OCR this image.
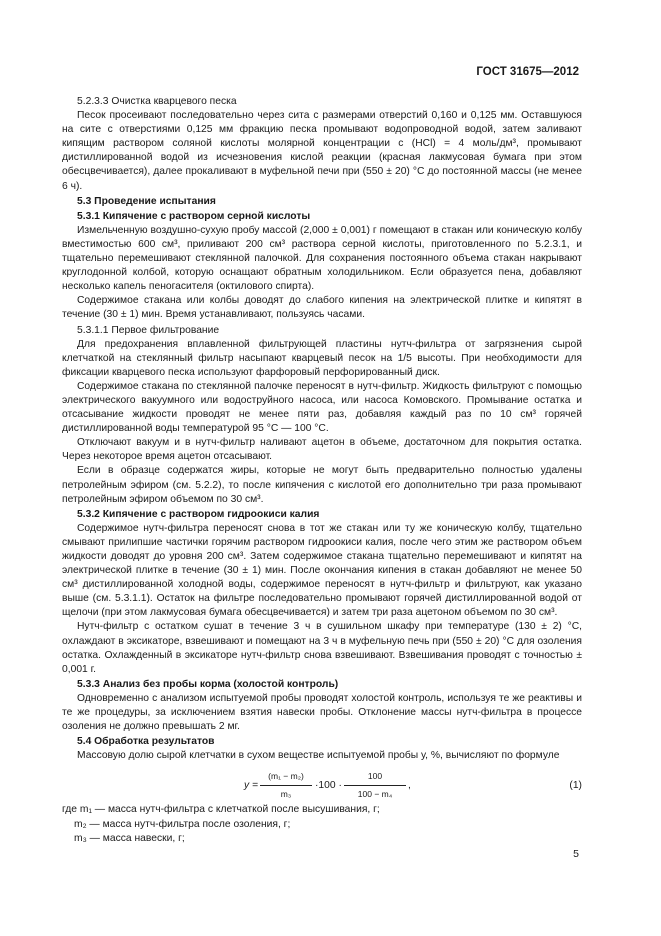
ГОСТ 31675—2012

5.2.3.3 Очистка кварцевого песка

Песок просеивают последовательно через сита с размерами отверстий 0,160 и 0,125 мм. Оставшуюся на сите с отверстиями 0,125 мм фракцию песка промывают водопроводной водой, затем заливают кипящим раствором соляной кислоты молярной концентрации с (HCl) = 4 моль/дм³, промывают дистиллированной водой из исчезновения кислой реакции (красная лакмусовая бумага при этом обесцвечивается), далее прокаливают в муфельной печи при (550 ± 20) °С до постоянной массы (не менее 6 ч).

5.3 Проведение испытания

5.3.1 Кипячение с раствором серной кислоты

Измельченную воздушно-сухую пробу массой (2,000 ± 0,001) г помещают в стакан или коническую колбу вместимостью 600 см³, приливают 200 см³ раствора серной кислоты, приготовленного по 5.2.3.1, и тщательно перемешивают стеклянной палочкой. Для сохранения постоянного объема стакан накрывают круглодонной колбой, которую оснащают обратным холодильником. Если образуется пена, добавляют несколько капель пеногасителя (октилового спирта).

Содержимое стакана или колбы доводят до слабого кипения на электрической плитке и кипятят в течение (30 ± 1) мин. Время устанавливают, пользуясь часами.

5.3.1.1 Первое фильтрование

Для предохранения вплавленной фильтрующей пластины нутч-фильтра от загрязнения сырой клетчаткой на стеклянный фильтр насыпают кварцевый песок на 1/5 высоты. При необходимости для фиксации кварцевого песка используют фарфоровый перфорированный диск.

Содержимое стакана по стеклянной палочке переносят в нутч-фильтр. Жидкость фильтруют с помощью электрического вакуумного или водоструйного насоса, или насоса Комовского. Промывание остатка и отсасывание жидкости проводят не менее пяти раз, добавляя каждый раз по 10 см³ горячей дистиллированной воды температурой 95 °С — 100 °С.

Отключают вакуум и в нутч-фильтр наливают ацетон в объеме, достаточном для покрытия остатка. Через некоторое время ацетон отсасывают.

Если в образце содержатся жиры, которые не могут быть предварительно полностью удалены петролейным эфиром (см. 5.2.2), то после кипячения с кислотой его дополнительно три раза промывают петролейным эфиром объемом по 30 см³.

5.3.2 Кипячение с раствором гидроокиси калия

Содержимое нутч-фильтра переносят снова в тот же стакан или ту же коническую колбу, тщательно смывают прилипшие частички горячим раствором гидроокиси калия, после чего этим же раствором объем жидкости доводят до уровня 200 см³. Затем содержимое стакана тщательно перемешивают и кипятят на электрической плитке в течение (30 ± 1) мин. После окончания кипения в стакан добавляют не менее 50 см³ дистиллированной холодной воды, содержимое переносят в нутч-фильтр и фильтруют, как указано выше (см. 5.3.1.1). Остаток на фильтре последовательно промывают горячей дистиллированной водой от щелочи (при этом лакмусовая бумага обесцвечивается) и затем три раза ацетоном объемом по 30 см³.

Нутч-фильтр с остатком сушат в течение 3 ч в сушильном шкафу при температуре (130 ± 2) °С, охлаждают в эксикаторе, взвешивают и помещают на 3 ч в муфельную печь при (550 ± 20) °С для озоления остатка. Охлажденный в эксикаторе нутч-фильтр снова взвешивают. Взвешивания проводят с точностью ± 0,001 г.

5.3.3 Анализ без пробы корма (холостой контроль)

Одновременно с анализом испытуемой пробы проводят холостой контроль, используя те же реактивы и те же процедуры, за исключением взятия навески пробы. Отклонение массы нутч-фильтра в процессе озоления не должно превышать 2 мг.

5.4 Обработка результатов

Массовую долю сырой клетчатки в сухом веществе испытуемой пробы у, %, вычисляют по формуле

$y = \frac{\text{(m₁ − m₂)}}{\text{m₃}} \cdot 100 \cdot \frac{100}{\text{100 − m₄}}$ ,	(1)

где m₁ — масса нутч-фильтра с клетчаткой после высушивания, г;

m₂ — масса нутч-фильтра после озоления, г;

m₃ — масса навески, г;

5
